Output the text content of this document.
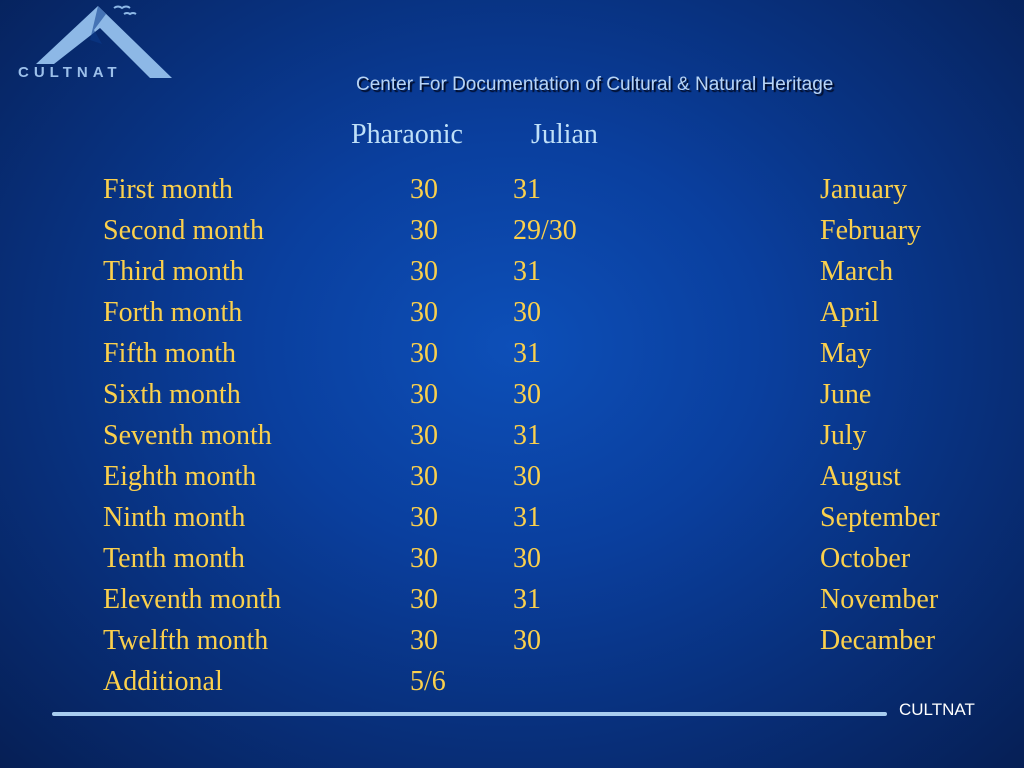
CULTNAT
Center For Documentation of Cultural & Natural Heritage
Pharaonic Julian
First month	30	31	January
Second month	30	29/30	February
Third month	30	31	March
Forth month	30	30	April
Fifth month	30	31	May
Sixth month	30	30	June
Seventh month	30	31	July
Eighth month	30	30	August
Ninth month	30	31	September
Tenth month	30	30	October
Eleventh month	30	31	November
Twelfth month	30	30	Decamber
Additional	5/6
CULTNAT
